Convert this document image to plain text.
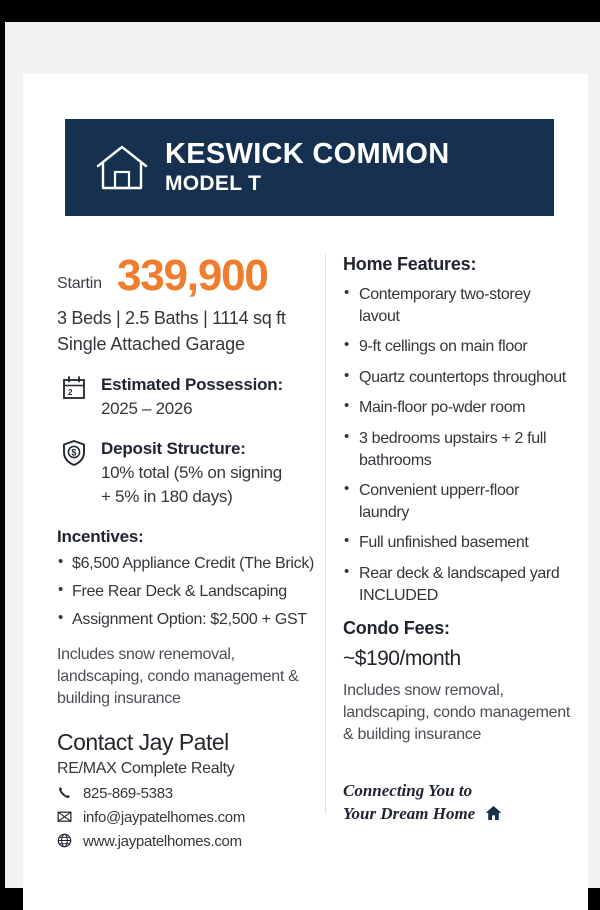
KESWICK COMMON
MODEL T
Startin 339,900
3 Beds | 2.5 Baths | 1114 sq ft
Single Attached Garage
2 Estimated Possession:
2025 – 2026
$ Deposit Structure:
10% total (5% on signing
+ 5% in 180 days)
Incentives:
• $6,500 Appliance Credit (The Brick)
• Free Rear Deck & Landscaping
• Assignment Option: $2,500 + GST
Includes snow renemoval, landscaping, condo management & building insurance
Contact Jay Patel
RE/MAX Complete Realty
825-869-5383
info@jaypatelhomes.com
www.jaypatelhomes.com
Home Features:
• Contemporary two-storey lavout
• 9-ft cellings on main floor
• Quartz countertops throughout
• Main-floor po-wder room
• 3 bedrooms upstairs + 2 full bathrooms
• Convenient upperr-floor laundry
• Full unfinished basement
• Rear deck & landscaped yard INCLUDED
Condo Fees:
~$190/month
Includes snow removal, landscaping, condo management & building insurance
Connecting You to
Your Dream Home
